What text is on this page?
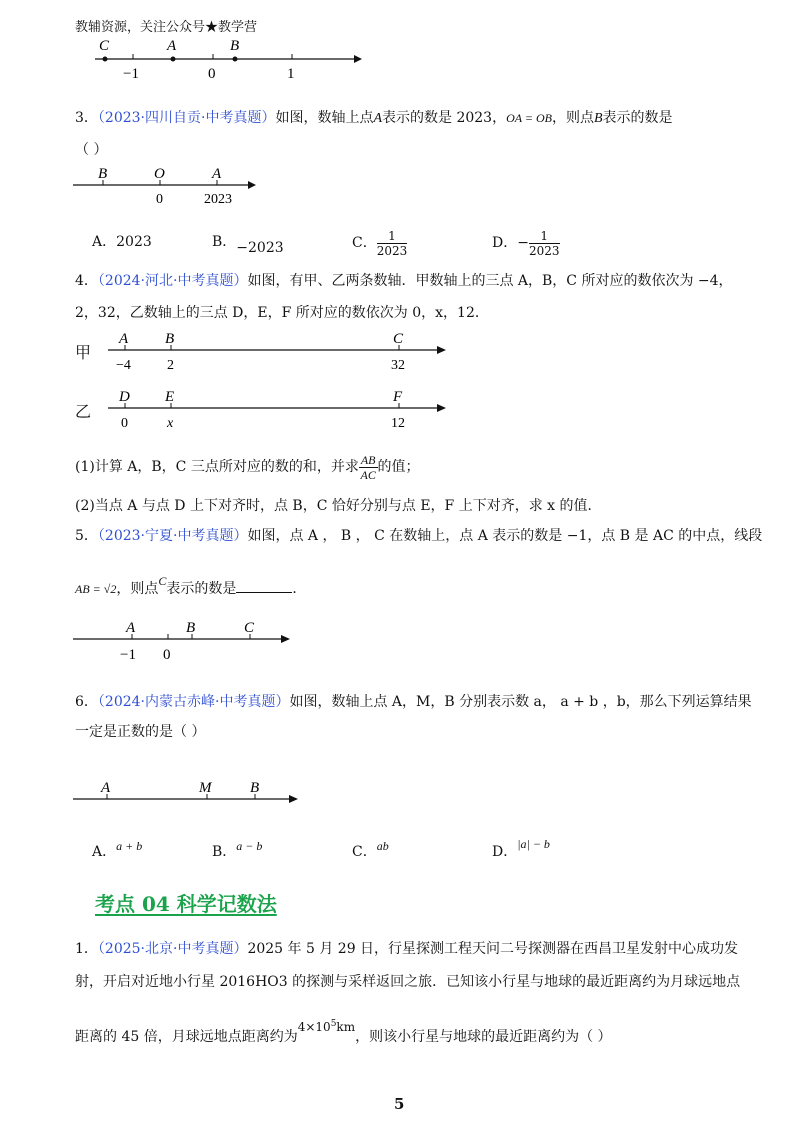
教辅资源，关注公众号★教学营
C	A	B
−1	0	1
3．（2023·四川自贡·中考真题）如图，数轴上点A表示的数是 2023，OA = OB，则点B表示的数是
（ ）
B	O	A
0	2023
A．2023	B．−2023	C． $\frac{1}{2023}$	D．− $\frac{1}{2023}$
4．（2024·河北·中考真题）如图，有甲、乙两条数轴．甲数轴上的三点 A，B，C 所对应的数依次为 −4，
2，32，乙数轴上的三点 D，E，F 所对应的数依次为 0，x，12．
甲
A B	C
−4	2	32
乙
D E	F
0	x	12
(1)计算 A，B，C 三点所对应的数的和，并求 $\frac{AB}{AC}$ 的值；
(2)当点 A 与点 D 上下对齐时，点 B，C 恰好分别与点 E，F 上下对齐，求 x 的值．
5．（2023·宁夏·中考真题）如图，点 A ， B ， C 在数轴上，点 A 表示的数是 −1，点 B 是 AC 的中点，线段
AB = √2，则点C表示的数是	．
A	B	C
−1 0
6．（2024·内蒙古赤峰·中考真题）如图，数轴上点 A，M，B 分别表示数 a， a + b ，b，那么下列运算结果
一定是正数的是（ ）
A	M	B
A．a + b	B．a − b	C．ab	D．|a| − b
考点 04 科学记数法
1．（2025·北京·中考真题）2025 年 5 月 29 日，行星探测工程天问二号探测器在西昌卫星发射中心成功发
射，开启对近地小行星 2016HO3 的探测与采样返回之旅．已知该小行星与地球的最近距离约为月球远地点
距离的 45 倍，月球远地点距离约为$4\times 10^5km$，则该小行星与地球的最近距离约为（ ）
5
